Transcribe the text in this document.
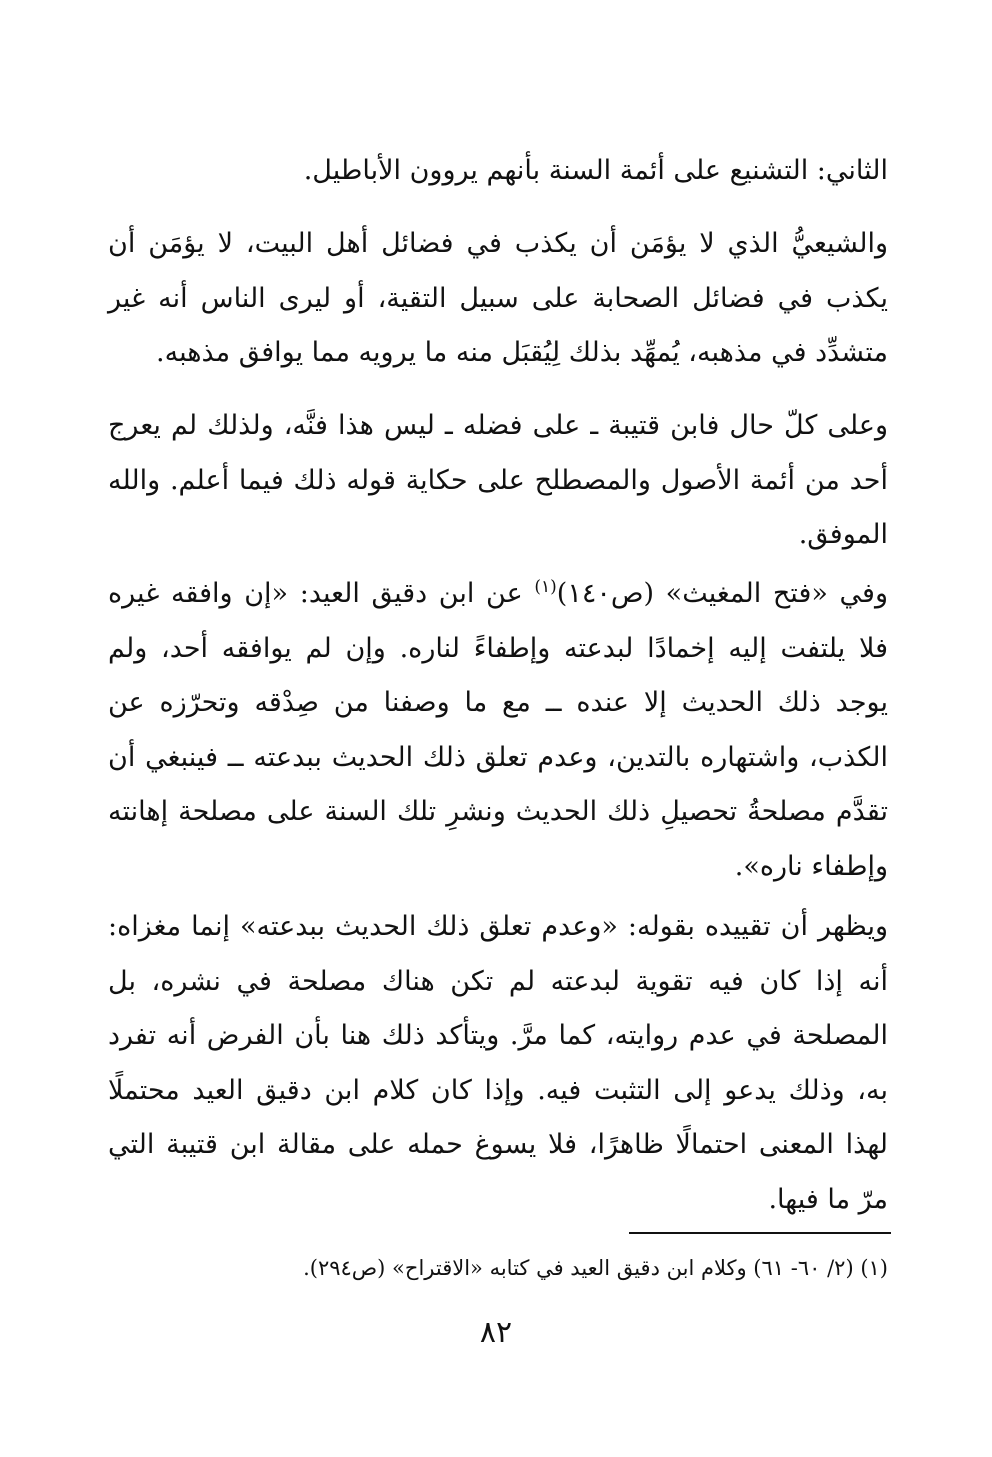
الثاني: التشنيع على أئمة السنة بأنهم يروون الأباطيل.

والشيعيُّ الذي لا يؤمَن أن يكذب في فضائل أهل البيت، لا يؤمَن أن يكذب في فضائل الصحابة على سبيل التقية، أو ليرى الناس أنه غير متشدِّد في مذهبه، يُمهِّد بذلك لِيُقبَل منه ما يرويه مما يوافق مذهبه.

وعلى كلّ حال فابن قتيبة ـ على فضله ـ ليس هذا فنَّه، ولذلك لم يعرج أحد من أئمة الأصول والمصطلح على حكاية قوله ذلك فيما أعلم. والله الموفق.

وفي «فتح المغيث» (ص١٤٠)$^{(١)}$ عن ابن دقيق العيد: «إن وافقه غيره فلا يلتفت إليه إخمادًا لبدعته وإطفاءً لناره. وإن لم يوافقه أحد، ولم يوجد ذلك الحديث إلا عنده ــ مع ما وصفنا من صِدْقه وتحرّزه عن الكذب، واشتهاره بالتدين، وعدم تعلق ذلك الحديث ببدعته ــ فينبغي أن تقدَّم مصلحةُ تحصيلِ ذلك الحديث ونشرِ تلك السنة على مصلحة إهانته وإطفاء ناره».

ويظهر أن تقييده بقوله: «وعدم تعلق ذلك الحديث ببدعته» إنما مغزاه: أنه إذا كان فيه تقوية لبدعته لم تكن هناك مصلحة في نشره، بل المصلحة في عدم روايته، كما مرَّ. ويتأكد ذلك هنا بأن الفرض أنه تفرد به، وذلك يدعو إلى التثبت فيه. وإذا كان كلام ابن دقيق العيد محتملًا لهذا المعنى احتمالًا ظاهرًا، فلا يسوغ حمله على مقالة ابن قتيبة التي مرّ ما فيها.

(١) (٢/ ٦٠- ٦١) وكلام ابن دقيق العيد في كتابه «الاقتراح» (ص٢٩٤).

٨٢
